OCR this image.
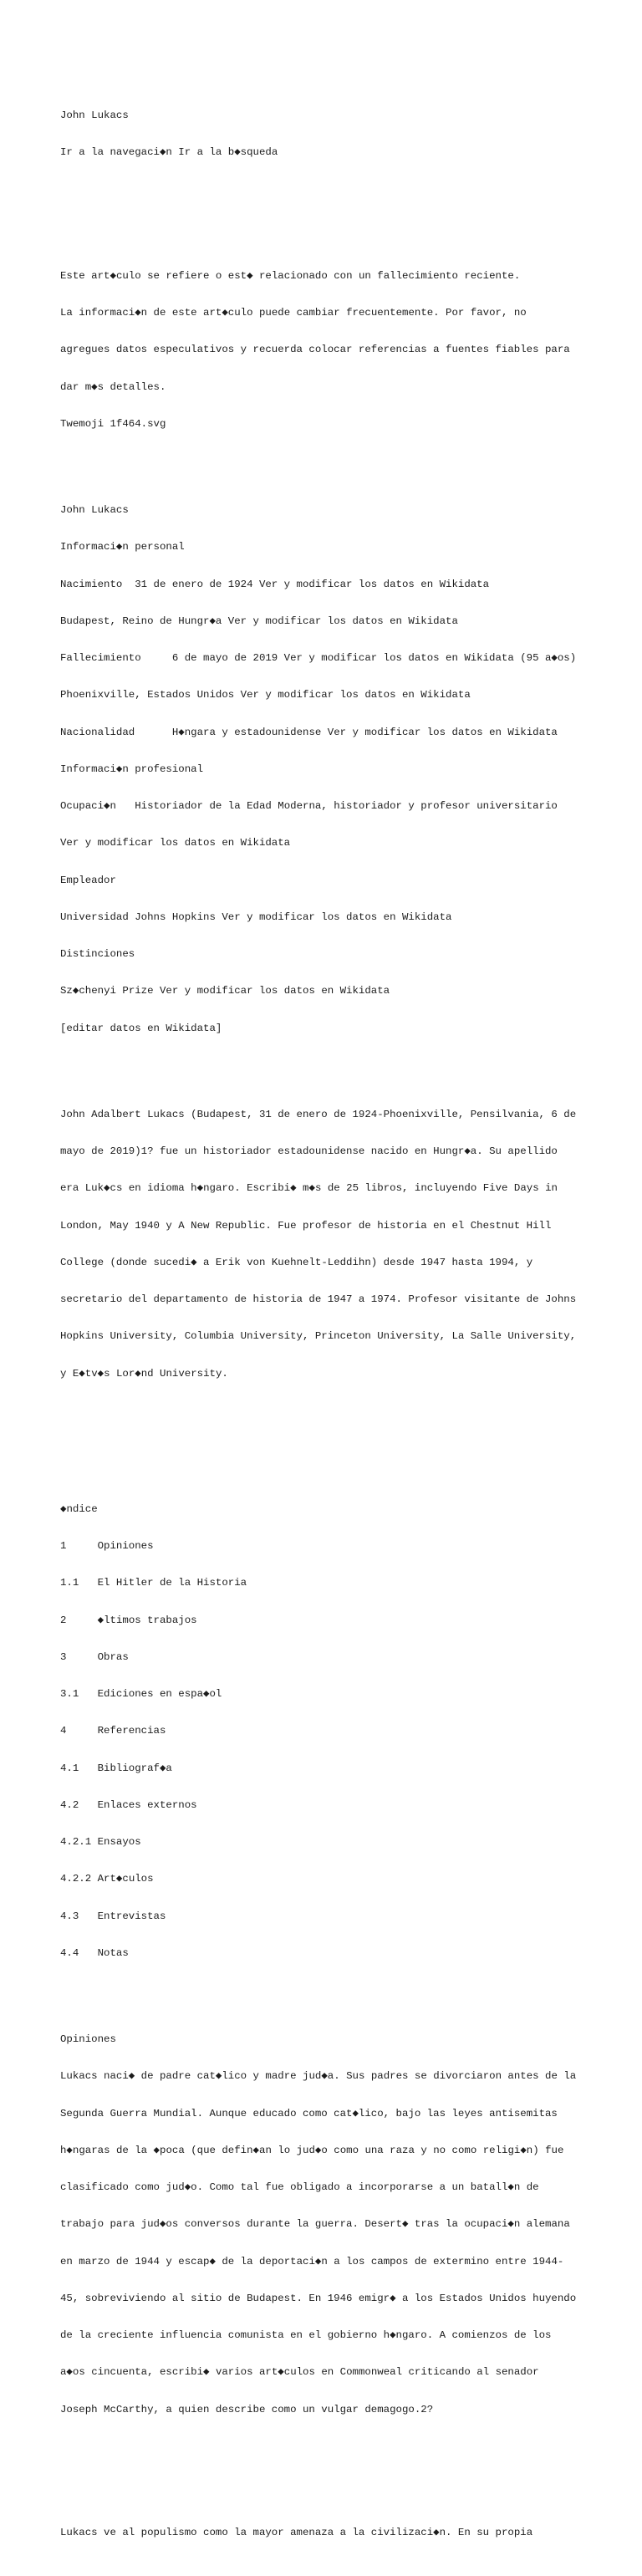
John Lukacs

Ir a la navegaci◆n Ir a la b◆squeda

Este art◆culo se refiere o est◆ relacionado con un fallecimiento reciente.

La informaci◆n de este art◆culo puede cambiar frecuentemente. Por favor, no

agregues datos especulativos y recuerda colocar referencias a fuentes fiables para

dar m◆s detalles.

Twemoji 1f464.svg

John Lukacs

Informaci◆n personal

Nacimiento  31 de enero de 1924 Ver y modificar los datos en Wikidata

Budapest, Reino de Hungr◆a Ver y modificar los datos en Wikidata

Fallecimiento     6 de mayo de 2019 Ver y modificar los datos en Wikidata (95 a◆os)

Phoenixville, Estados Unidos Ver y modificar los datos en Wikidata

Nacionalidad      H◆ngara y estadounidense Ver y modificar los datos en Wikidata

Informaci◆n profesional

Ocupaci◆n   Historiador de la Edad Moderna, historiador y profesor universitario

Ver y modificar los datos en Wikidata

Empleador

Universidad Johns Hopkins Ver y modificar los datos en Wikidata

Distinciones

Sz◆chenyi Prize Ver y modificar los datos en Wikidata

[editar datos en Wikidata]

John Adalbert Lukacs (Budapest, 31 de enero de 1924-Phoenixville, Pensilvania, 6 de

mayo de 2019)1? fue un historiador estadounidense nacido en Hungr◆a. Su apellido

era Luk◆cs en idioma h◆ngaro. Escribi◆ m◆s de 25 libros, incluyendo Five Days in

London, May 1940 y A New Republic. Fue profesor de historia en el Chestnut Hill

College (donde sucedi◆ a Erik von Kuehnelt-Leddihn) desde 1947 hasta 1994, y

secretario del departamento de historia de 1947 a 1974. Profesor visitante de Johns

Hopkins University, Columbia University, Princeton University, La Salle University,

y E◆tv◆s Lor◆nd University.

◆ndice

1     Opiniones

1.1   El Hitler de la Historia

2     ◆ltimos trabajos

3     Obras

3.1   Ediciones en espa◆ol

4     Referencias

4.1   Bibliograf◆a

4.2   Enlaces externos

4.2.1 Ensayos

4.2.2 Art◆culos

4.3   Entrevistas

4.4   Notas

Opiniones

Lukacs naci◆ de padre cat◆lico y madre jud◆a. Sus padres se divorciaron antes de la

Segunda Guerra Mundial. Aunque educado como cat◆lico, bajo las leyes antisemitas

h◆ngaras de la ◆poca (que defin◆an lo jud◆o como una raza y no como religi◆n) fue

clasificado como jud◆o. Como tal fue obligado a incorporarse a un batall◆n de

trabajo para jud◆os conversos durante la guerra. Desert◆ tras la ocupaci◆n alemana

en marzo de 1944 y escap◆ de la deportaci◆n a los campos de extermino entre 1944-

45, sobreviviendo al sitio de Budapest. En 1946 emigr◆ a los Estados Unidos huyendo

de la creciente influencia comunista en el gobierno h◆ngaro. A comienzos de los

a◆os cincuenta, escribi◆ varios art◆culos en Commonweal criticando al senador

Joseph McCarthy, a quien describe como un vulgar demagogo.2?

Lukacs ve al populismo como la mayor amenaza a la civilizaci◆n. En su propia
